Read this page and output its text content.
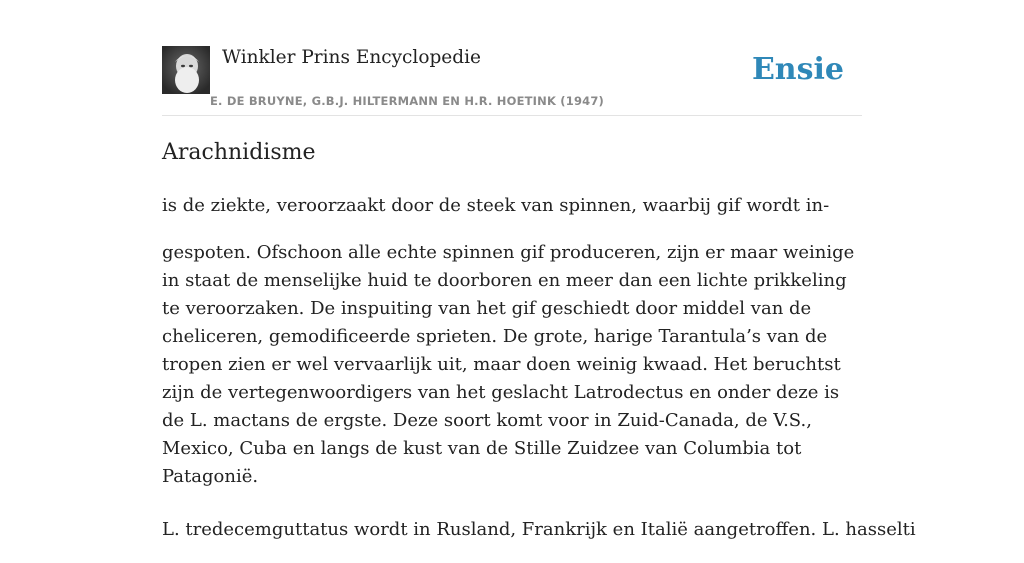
Winkler Prins Encyclopedie
E. DE BRUYNE, G.B.J. HILTERMANN EN H.R. HOETINK (1947)
Ensie
Arachnidisme

is de ziekte, veroorzaakt door de steek van spinnen, waarbij gif wordt in-

gespoten. Ofschoon alle echte spinnen gif produceren, zijn er maar weinige in staat de menselijke huid te doorboren en meer dan een lichte prikkeling te veroorzaken. De inspuiting van het gif geschiedt door middel van de cheliceren, gemodificeerde sprieten. De grote, harige Tarantula’s van de tropen zien er wel vervaarlijk uit, maar doen weinig kwaad. Het beruchtst zijn de vertegenwoordigers van het geslacht Latrodectus en onder deze is de L. mactans de ergste. Deze soort komt voor in Zuid-Canada, de V.S., Mexico, Cuba en langs de kust van de Stille Zuidzee van Columbia tot Patagonië.

L. tredecemguttatus wordt in Rusland, Frankrijk en Italië aangetroffen. L. hasselti
